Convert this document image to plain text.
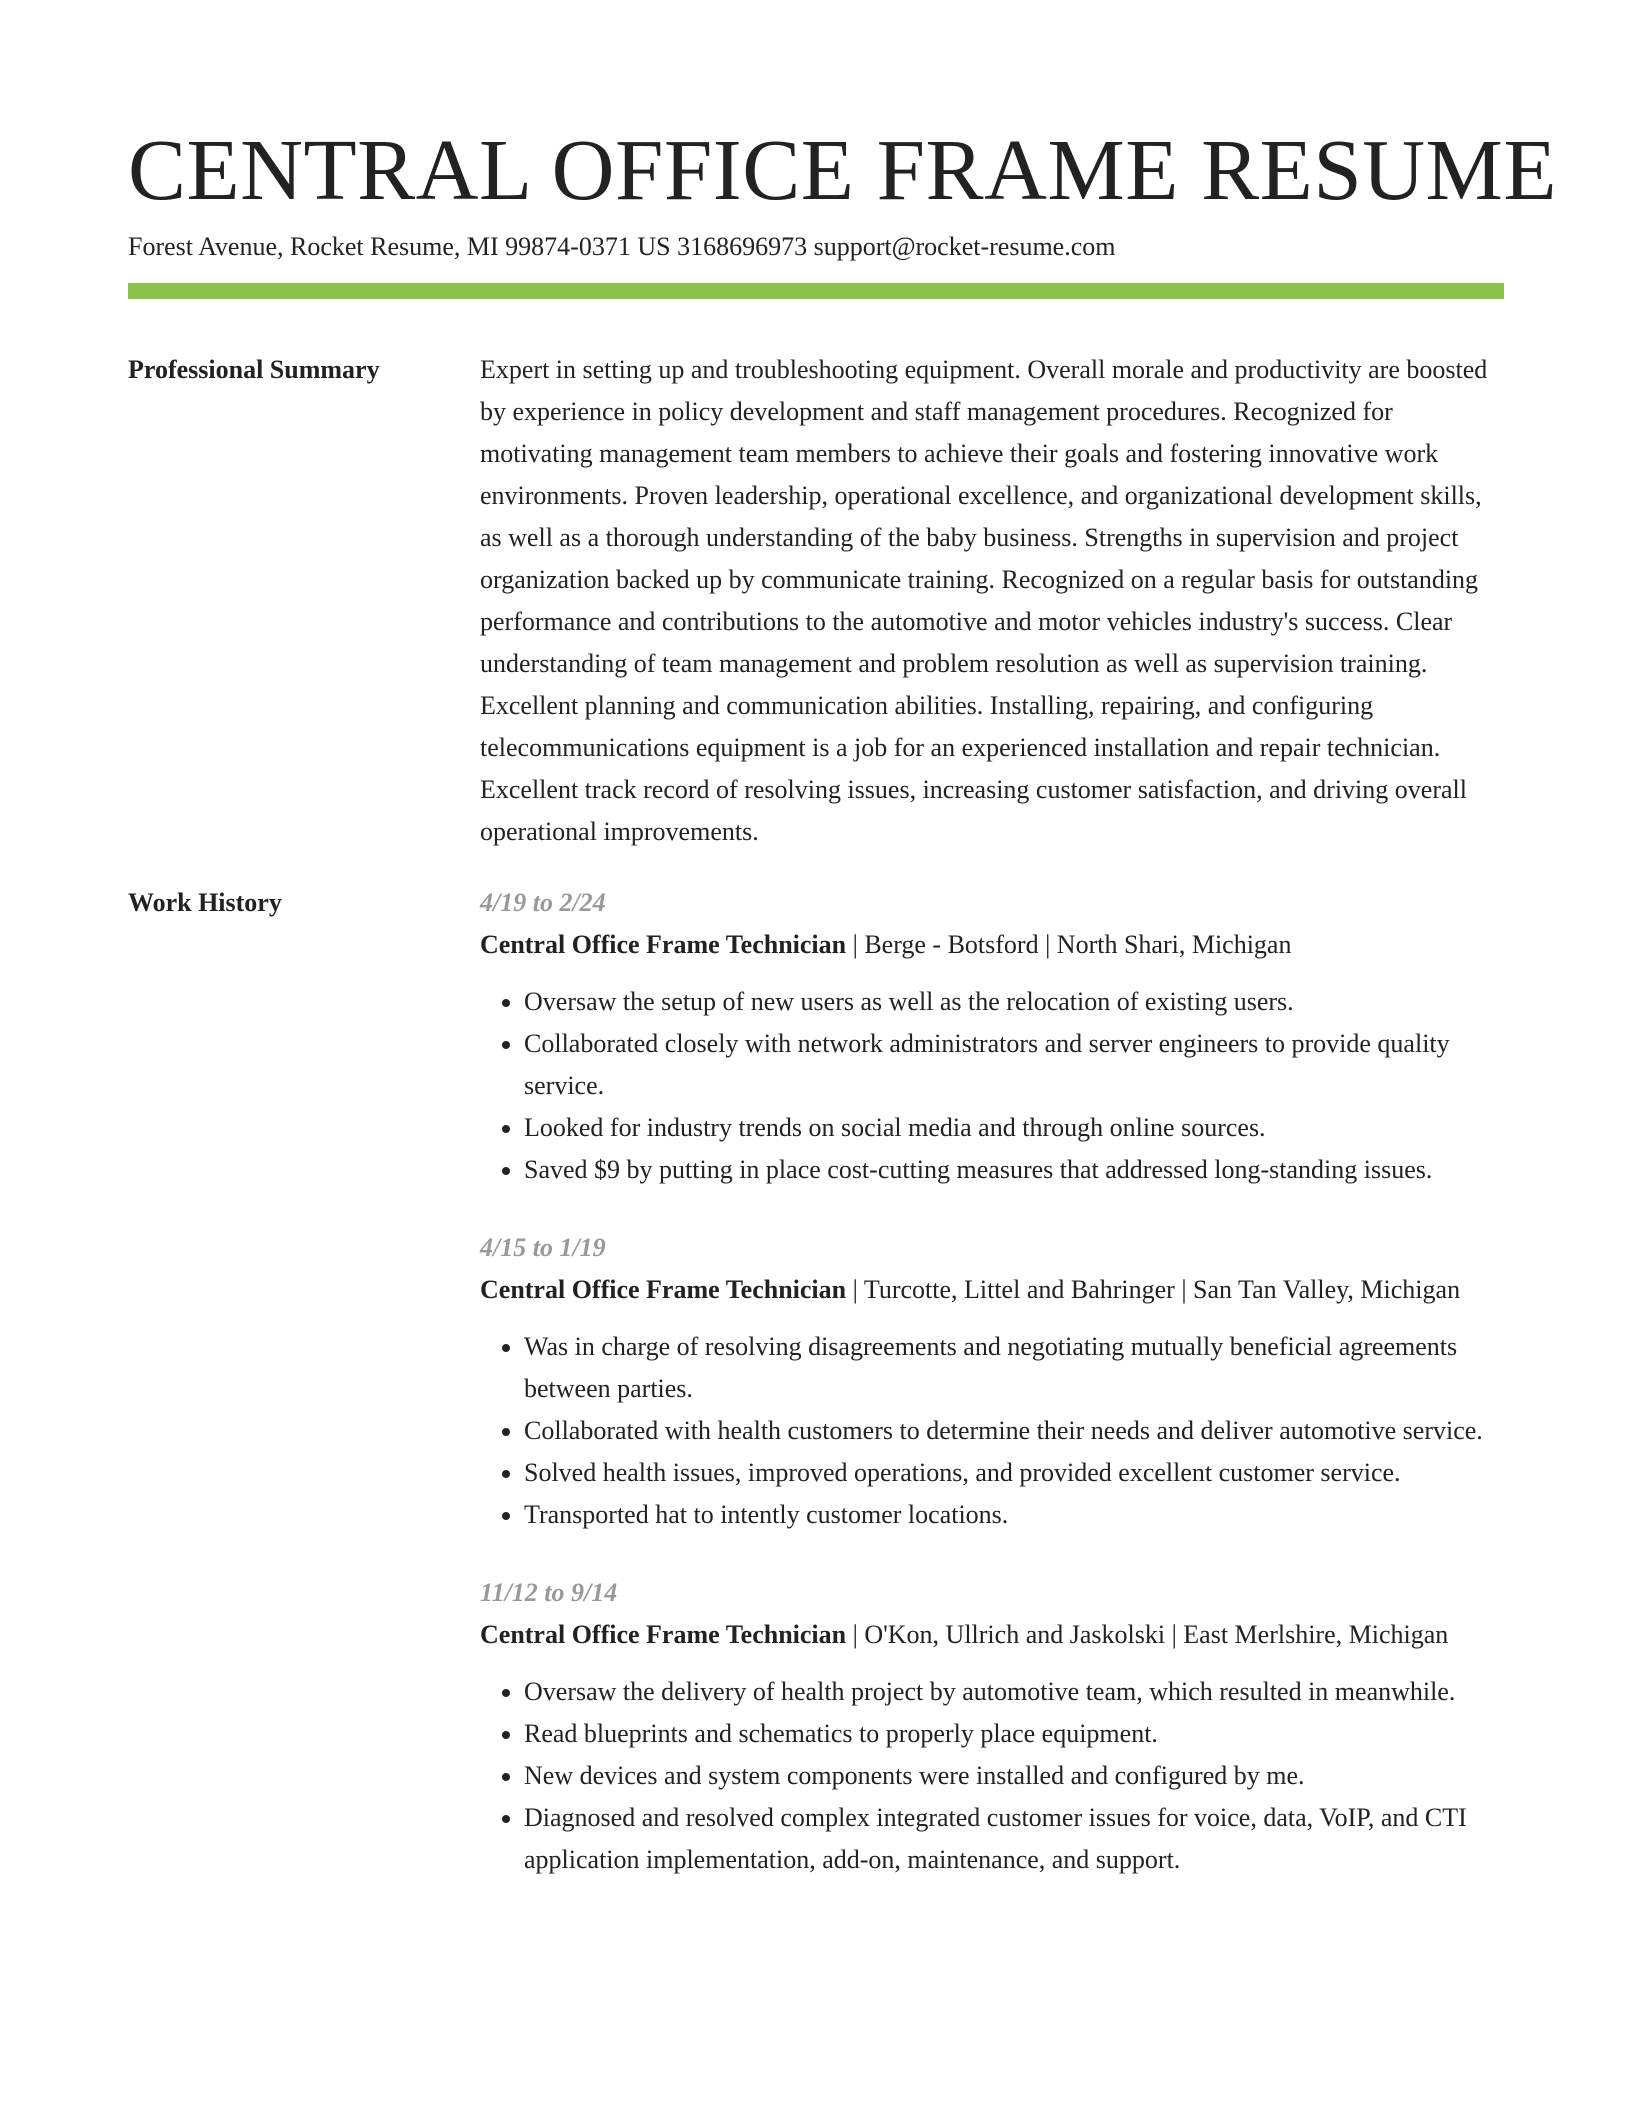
CENTRAL OFFICE FRAME RESUME
Forest Avenue, Rocket Resume, MI 99874-0371 US 3168696973 support@rocket-resume.com
Professional Summary	Expert in setting up and troubleshooting equipment. Overall morale and productivity are boosted by experience in policy development and staff management procedures. Recognized for motivating management team members to achieve their goals and fostering innovative work environments. Proven leadership, operational excellence, and organizational development skills, as well as a thorough understanding of the baby business. Strengths in supervision and project organization backed up by communicate training. Recognized on a regular basis for outstanding performance and contributions to the automotive and motor vehicles industry's success. Clear understanding of team management and problem resolution as well as supervision training. Excellent planning and communication abilities. Installing, repairing, and configuring telecommunications equipment is a job for an experienced installation and repair technician. Excellent track record of resolving issues, increasing customer satisfaction, and driving overall operational improvements.

Work History	4/19 to 2/24
Central Office Frame Technician | Berge - Botsford | North Shari, Michigan
• Oversaw the setup of new users as well as the relocation of existing users.
• Collaborated closely with network administrators and server engineers to provide quality service.
• Looked for industry trends on social media and through online sources.
• Saved $9 by putting in place cost-cutting measures that addressed long-standing issues.
4/15 to 1/19
Central Office Frame Technician | Turcotte, Littel and Bahringer | San Tan Valley, Michigan
• Was in charge of resolving disagreements and negotiating mutually beneficial agreements between parties.
• Collaborated with health customers to determine their needs and deliver automotive service.
• Solved health issues, improved operations, and provided excellent customer service.
• Transported hat to intently customer locations.
11/12 to 9/14
Central Office Frame Technician | O'Kon, Ullrich and Jaskolski | East Merlshire, Michigan
• Oversaw the delivery of health project by automotive team, which resulted in meanwhile.
• Read blueprints and schematics to properly place equipment.
• New devices and system components were installed and configured by me.
• Diagnosed and resolved complex integrated customer issues for voice, data, VoIP, and CTI application implementation, add-on, maintenance, and support.
